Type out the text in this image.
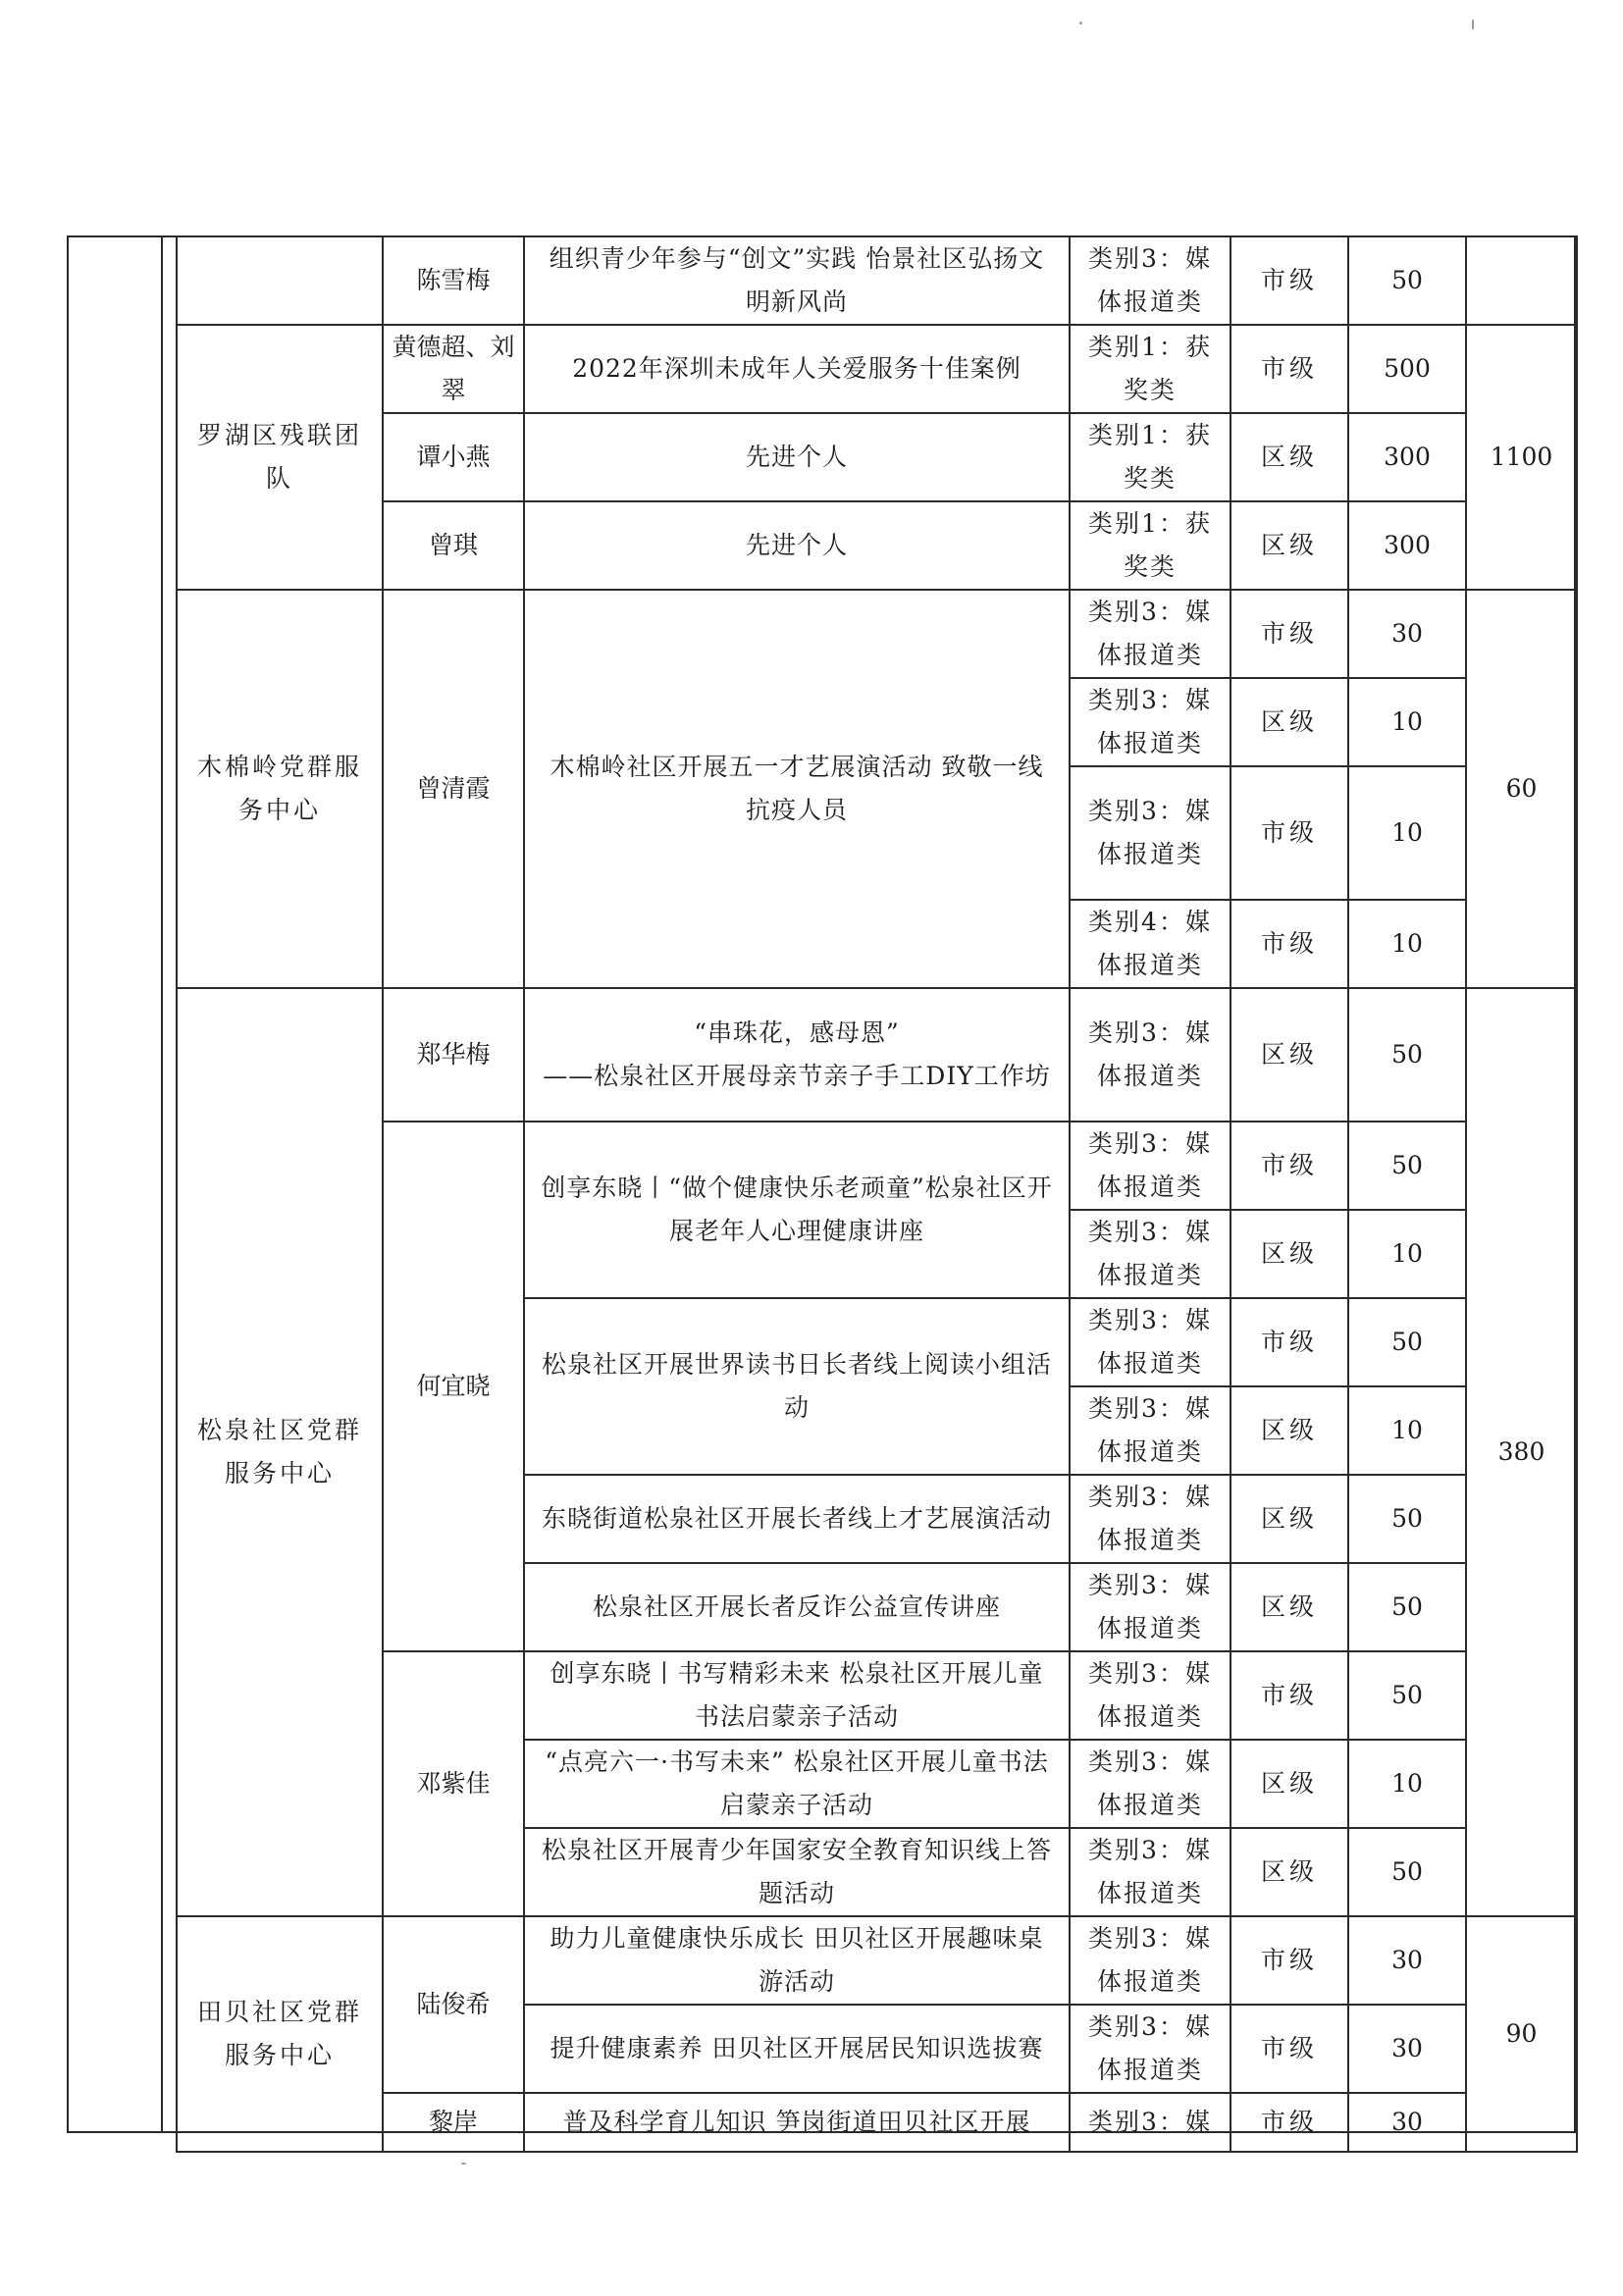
	陈雪梅	组织青少年参与“创文”实践 怡景社区弘扬文明新风尚	类别3：媒体报道类	市级	50	
罗湖区残联团队	黄德超、刘翠	2022年深圳未成年人关爱服务十佳案例	类别1：获奖类	市级	500	1100
	谭小燕	先进个人	类别1：获奖类	区级	300	
	曾琪	先进个人	类别1：获奖类	区级	300	
木棉岭党群服务中心	曾清霞	木棉岭社区开展五一才艺展演活动 致敬一线抗疫人员	类别3：媒体报道类	市级	30	60
			类别3：媒体报道类	区级	10	
			类别3：媒体报道类	市级	10	
			类别4：媒体报道类	市级	10	
松泉社区党群服务中心	郑华梅	“串珠花，感母恩”
——松泉社区开展母亲节亲子手工DIY工作坊	类别3：媒体报道类	区级	50	380
	何宜晓	创享东晓丨“做个健康快乐老顽童”松泉社区开展老年人心理健康讲座	类别3：媒体报道类	市级	50	
			类别3：媒体报道类	区级	10	
		松泉社区开展世界读书日长者线上阅读小组活动	类别3：媒体报道类	市级	50	
			类别3：媒体报道类	区级	10	
		东晓街道松泉社区开展长者线上才艺展演活动	类别3：媒体报道类	区级	50	
		松泉社区开展长者反诈公益宣传讲座	类别3：媒体报道类	区级	50	
	邓紫佳	创享东晓丨书写精彩未来 松泉社区开展儿童书法启蒙亲子活动	类别3：媒体报道类	市级	50	
		“点亮六一·书写未来” 松泉社区开展儿童书法启蒙亲子活动	类别3：媒体报道类	区级	10	
		松泉社区开展青少年国家安全教育知识线上答题活动	类别3：媒体报道类	区级	50	
田贝社区党群服务中心	陆俊希	助力儿童健康快乐成长 田贝社区开展趣味桌游活动	类别3：媒体报道类	市级	30	90
		提升健康素养 田贝社区开展居民知识选拔赛	类别3：媒体报道类	市级	30	
	黎岸	普及科学育儿知识 笋岗街道田贝社区开展	类别3：媒	市级	30	
